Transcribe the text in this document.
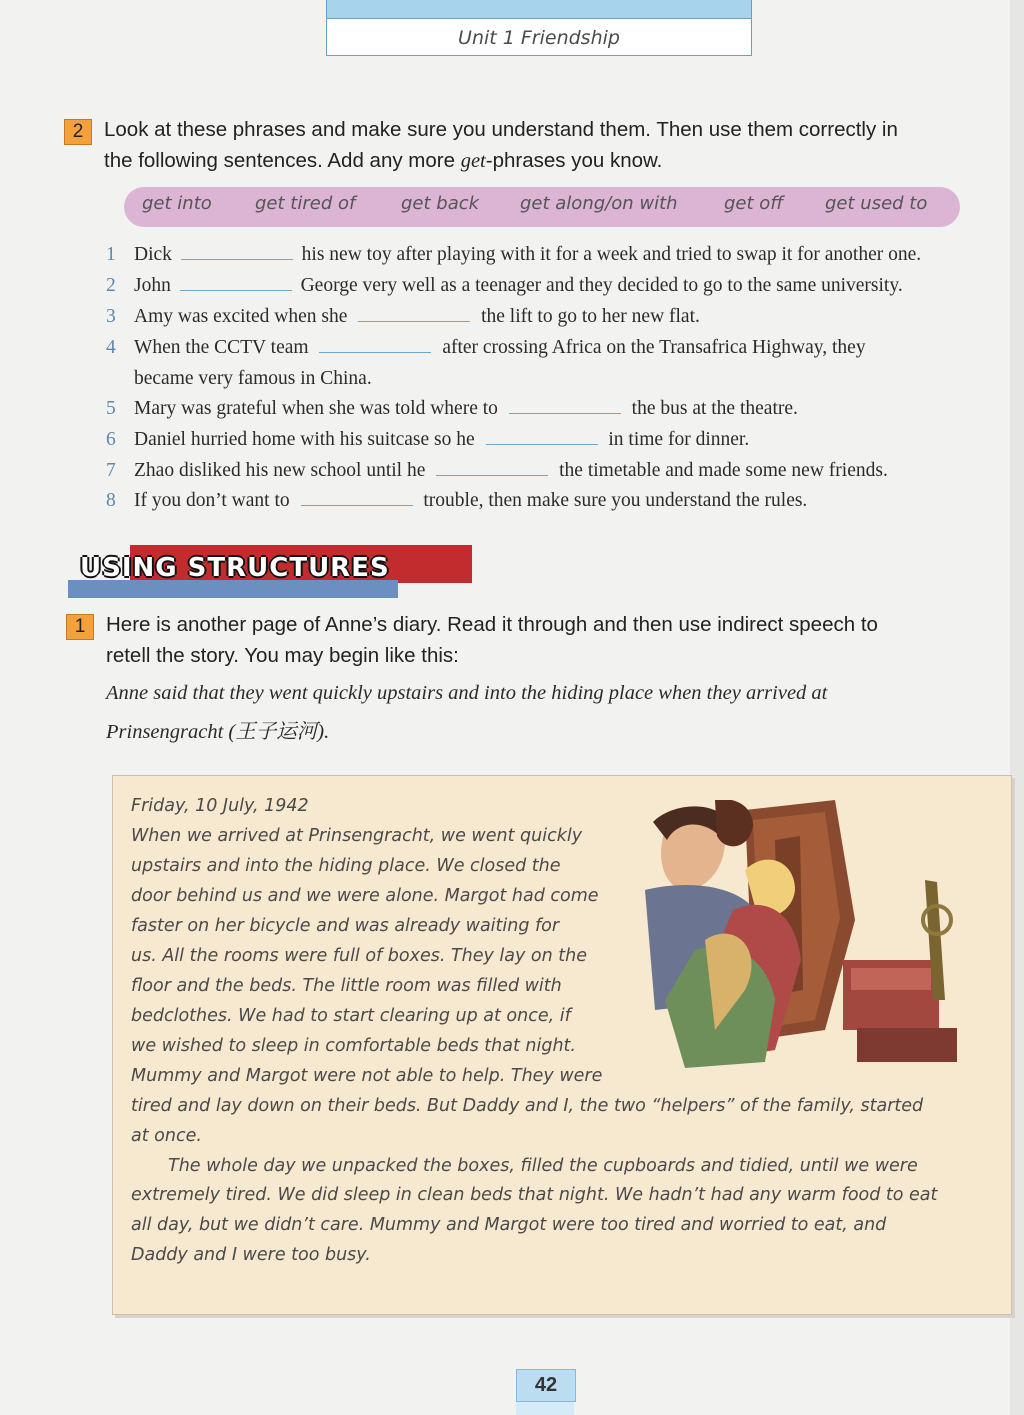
Unit 1 Friendship
2	Look at these phrases and make sure you understand them. Then use them correctly in
the following sentences. Add any more get-phrases you know.
get into get tired of	get back get along/on with	get off get used to
1 Dick	his new toy after playing with it for a week and tried to swap it for another one.
2 John	George very well as a teenager and they decided to go to the same university.
3 Amy was excited when she	the lift to go to her new flat.
4 When the CCTV team	after crossing Africa on the Transafrica Highway, they
became very famous in China.
5 Mary was grateful when she was told where to	the bus at the theatre.
6 Daniel hurried home with his suitcase so he	in time for dinner.
7 Zhao disliked his new school until he	the timetable and made some new friends.
8 If you don’t want to	trouble, then make sure you understand the rules.
USING STRUCTURES
1	Here is another page of Anne’s diary. Read it through and then use indirect speech to
retell the story. You may begin like this:
Anne said that they went quickly upstairs and into the hiding place when they arrived at
Prinsengracht (王子运河).
Friday, 10 July, 1942
When we arrived at Prinsengracht, we went quickly
upstairs and into the hiding place. We closed the
door behind us and we were alone. Margot had come
faster on her bicycle and was already waiting for
us. All the rooms were full of boxes. They lay on the
floor and the beds. The little room was filled with
bedclothes. We had to start clearing up at once, if
we wished to sleep in comfortable beds that night.
Mummy and Margot were not able to help. They were
tired and lay down on their beds. But Daddy and I, the two “helpers” of the family, started
at once.
The whole day we unpacked the boxes, filled the cupboards and tidied, until we were
extremely tired. We did sleep in clean beds that night. We hadn’t had any warm food to eat
all day, but we didn’t care. Mummy and Margot were too tired and worried to eat, and
Daddy and I were too busy.
42
